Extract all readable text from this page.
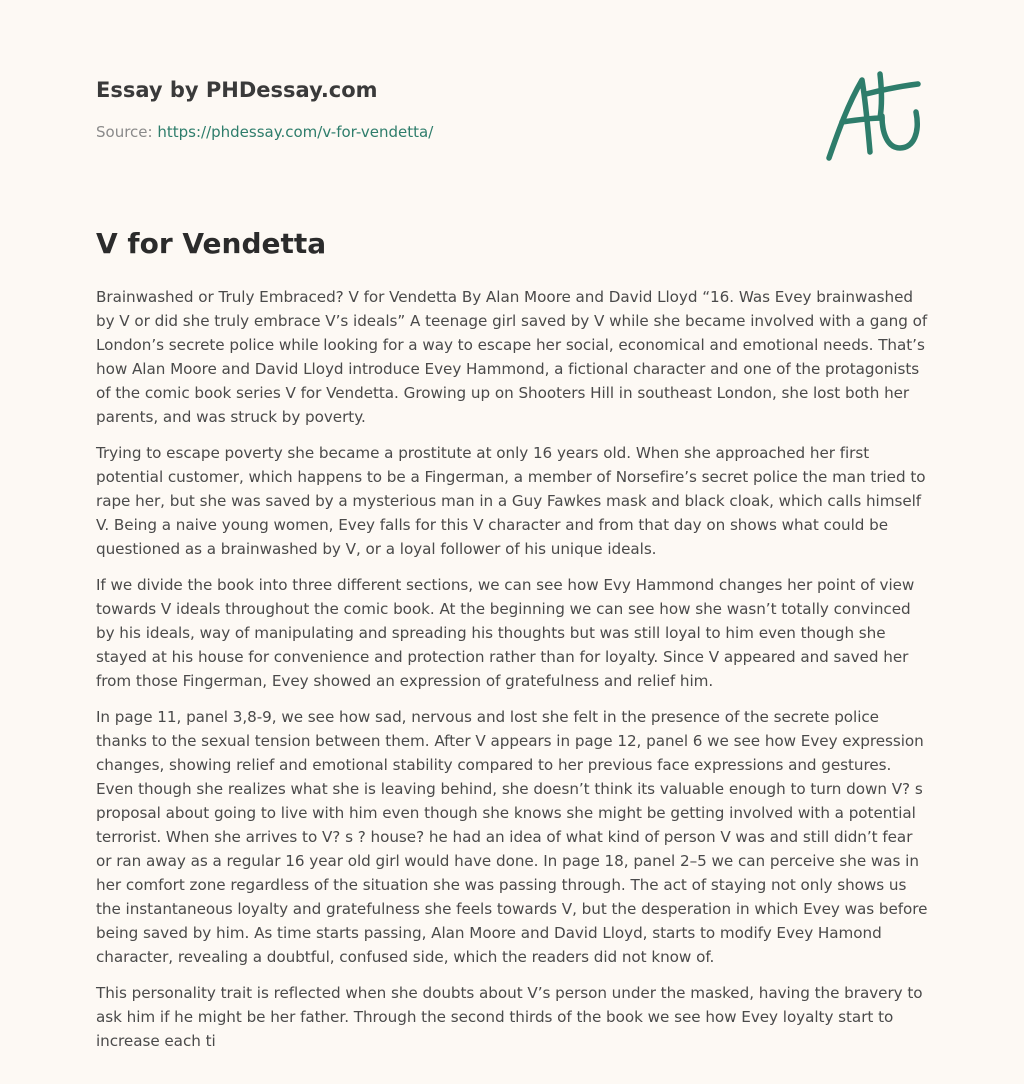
Essay by PHDessay.com
Source: https://phdessay.com/v-for-vendetta/
V for Vendetta

Brainwashed or Truly Embraced? V for Vendetta By Alan Moore and David Lloyd “16. Was Evey brainwashed by V or did she truly embrace V’s ideals” A teenage girl saved by V while she became involved with a gang of London’s secrete police while looking for a way to escape her social, economical and emotional needs. That’s how Alan Moore and David Lloyd introduce Evey Hammond, a fictional character and one of the protagonists of the comic book series V for Vendetta. Growing up on Shooters Hill in southeast London, she lost both her parents, and was struck by poverty.

Trying to escape poverty she became a prostitute at only 16 years old. When she approached her first potential customer, which happens to be a Fingerman, a member of Norsefire’s secret police the man tried to rape her, but she was saved by a mysterious man in a Guy Fawkes mask and black cloak, which calls himself V. Being a naive young women, Evey falls for this V character and from that day on shows what could be questioned as a brainwashed by V, or a loyal follower of his unique ideals.

If we divide the book into three different sections, we can see how Evy Hammond changes her point of view towards V ideals throughout the comic book. At the beginning we can see how she wasn’t totally convinced by his ideals, way of manipulating and spreading his thoughts but was still loyal to him even though she stayed at his house for convenience and protection rather than for loyalty. Since V appeared and saved her from those Fingerman, Evey showed an expression of gratefulness and relief him.

In page 11, panel 3,8-9, we see how sad, nervous and lost she felt in the presence of the secrete police thanks to the sexual tension between them. After V appears in page 12, panel 6 we see how Evey expression changes, showing relief and emotional stability compared to her previous face expressions and gestures. Even though she realizes what she is leaving behind, she doesn’t think its valuable enough to turn down V? s proposal about going to live with him even though she knows she might be getting involved with a potential terrorist. When she arrives to V? s ? house? he had an idea of what kind of person V was and still didn’t fear or ran away as a regular 16 year old girl would have done. In page 18, panel 2–5 we can perceive she was in her comfort zone regardless of the situation she was passing through. The act of staying not only shows us the instantaneous loyalty and gratefulness she feels towards V, but the desperation in which Evey was before being saved by him. As time starts passing, Alan Moore and David Lloyd, starts to modify Evey Hamond character, revealing a doubtful, confused side, which the readers did not know of.

This personality trait is reflected when she doubts about V’s person under the masked, having the bravery to ask him if he might be her father. Through the second thirds of the book we see how Evey loyalty start to increase each ti
